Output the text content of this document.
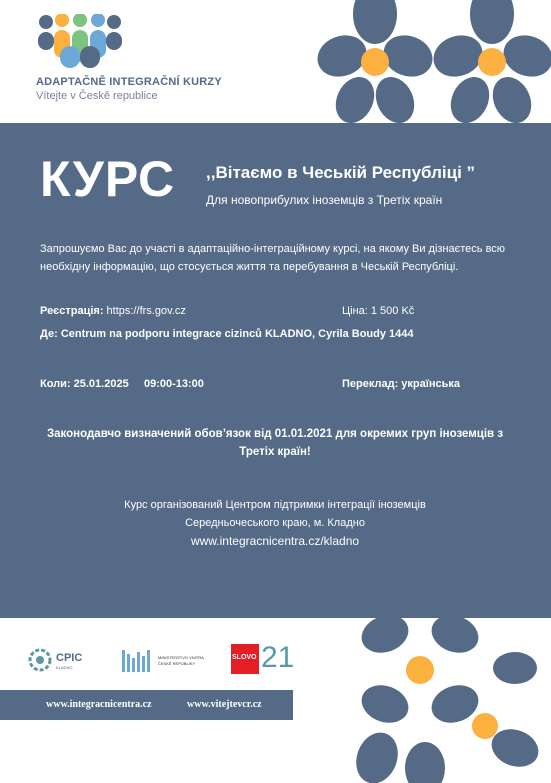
ADAPTAČNĚ INTEGRAČNÍ KURZY
Vítejte v Českě republice
КУРС ,,Вітаємо в Чеській Республіці ”
Для новоприбулих іноземців з Третіх країн
Запрошуємо Вас до участі в адаптаційно-інтеграційному курсі, на якому Ви дізнаєтесь всю необхідну інформацію, що стосується життя та перебування в Чеській Республіці.
Реєстрація: https://frs.gov.cz	Ціна: 1 500 Kč
Де: Centrum na podporu integrace cizinců KLADNO, Cyrila Boudy 1444
Коли: 25.01.2025     09:00-13:00	Переклад: українська
Законодавчо визначений обов’язок від 01.01.2021 для окремих груп іноземців з Третіх країн!
Курс організований Центром підтримки інтеграції іноземців
Середньочеського краю, м. Кладно
www.integracnicentra.cz/kladno
CPIC
KLADNO
MINISTERSTVO VNITRA
ČESKÉ REPUBLIKY
SLOVO 21
www.integracnicentra.cz	www.vitejtevcr.cz
